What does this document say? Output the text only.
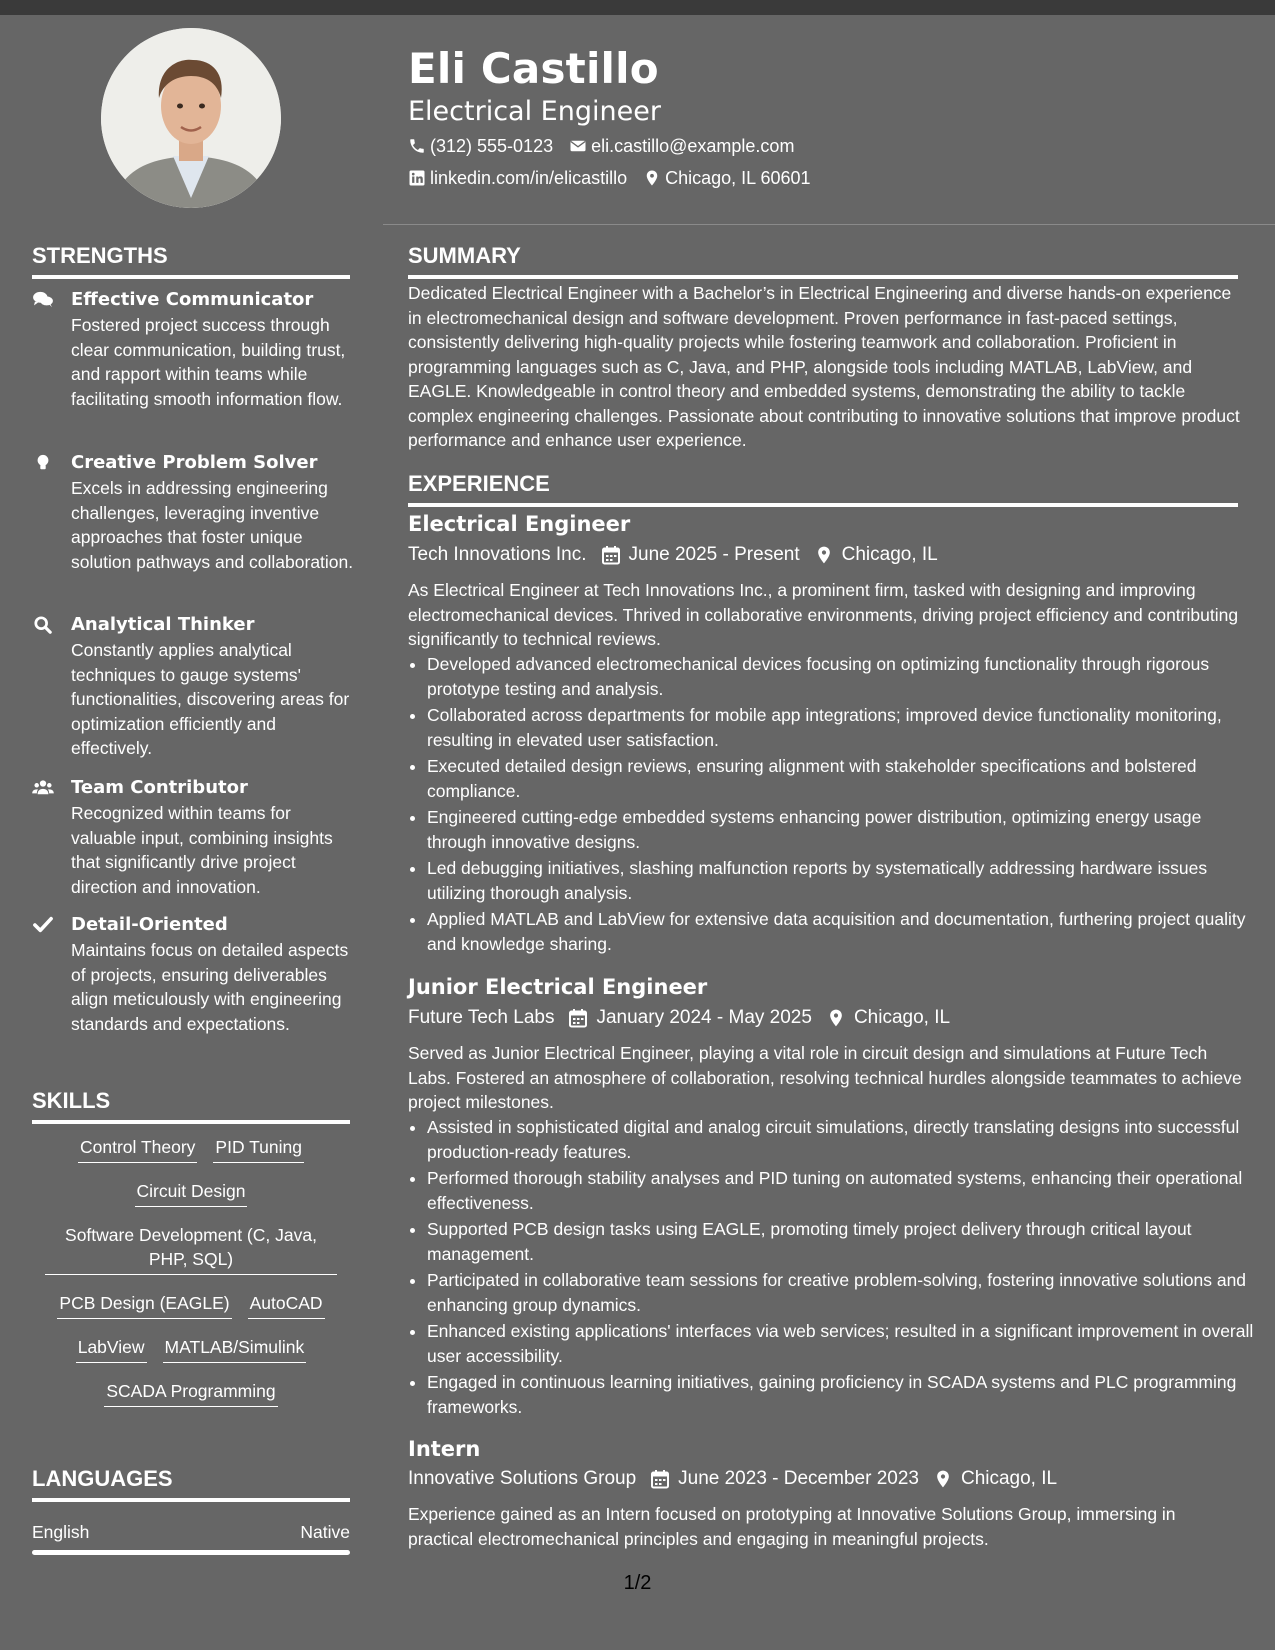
Eli Castillo
Electrical Engineer
(312) 555-0123 eli.castillo@example.com
linkedin.com/in/elicastillo Chicago, IL 60601
STRENGTHS
Effective Communicator
Fostered project success through clear communication, building trust, and rapport within teams while facilitating smooth information flow.
Creative Problem Solver
Excels in addressing engineering challenges, leveraging inventive approaches that foster unique solution pathways and collaboration.
Analytical Thinker
Constantly applies analytical techniques to gauge systems' functionalities, discovering areas for optimization efficiently and effectively.
Team Contributor
Recognized within teams for valuable input, combining insights that significantly drive project direction and innovation.
Detail-Oriented
Maintains focus on detailed aspects of projects, ensuring deliverables align meticulously with engineering standards and expectations.
SKILLS
Control Theory PID Tuning
Circuit Design
Software Development (C, Java, PHP, SQL)
PCB Design (EAGLE) AutoCAD
LabView MATLAB/Simulink
SCADA Programming
LANGUAGES
English	Native
SUMMARY

Dedicated Electrical Engineer with a Bachelor’s in Electrical Engineering and diverse hands-on experience in electromechanical design and software development. Proven performance in fast-paced settings, consistently delivering high-quality projects while fostering teamwork and collaboration. Proficient in programming languages such as C, Java, and PHP, alongside tools including MATLAB, LabView, and EAGLE. Knowledgeable in control theory and embedded systems, demonstrating the ability to tackle complex engineering challenges. Passionate about contributing to innovative solutions that improve product performance and enhance user experience.

EXPERIENCE
Electrical Engineer
Tech Innovations Inc. June 2025 - Present Chicago, IL

As Electrical Engineer at Tech Innovations Inc., a prominent firm, tasked with designing and improving electromechanical devices. Thrived in collaborative environments, driving project efficiency and contributing significantly to technical reviews.

• Developed advanced electromechanical devices focusing on optimizing functionality through rigorous prototype testing and analysis.
• Collaborated across departments for mobile app integrations; improved device functionality monitoring, resulting in elevated user satisfaction.
• Executed detailed design reviews, ensuring alignment with stakeholder specifications and bolstered compliance.
• Engineered cutting-edge embedded systems enhancing power distribution, optimizing energy usage through innovative designs.
• Led debugging initiatives, slashing malfunction reports by systematically addressing hardware issues utilizing thorough analysis.
• Applied MATLAB and LabView for extensive data acquisition and documentation, furthering project quality and knowledge sharing.
Junior Electrical Engineer
Future Tech Labs January 2024 - May 2025 Chicago, IL

Served as Junior Electrical Engineer, playing a vital role in circuit design and simulations at Future Tech Labs. Fostered an atmosphere of collaboration, resolving technical hurdles alongside teammates to achieve project milestones.

• Assisted in sophisticated digital and analog circuit simulations, directly translating designs into successful production-ready features.
• Performed thorough stability analyses and PID tuning on automated systems, enhancing their operational effectiveness.
• Supported PCB design tasks using EAGLE, promoting timely project delivery through critical layout management.
• Participated in collaborative team sessions for creative problem-solving, fostering innovative solutions and enhancing group dynamics.
• Enhanced existing applications' interfaces via web services; resulted in a significant improvement in overall user accessibility.
• Engaged in continuous learning initiatives, gaining proficiency in SCADA systems and PLC programming frameworks.
Intern
Innovative Solutions Group June 2023 - December 2023 Chicago, IL

Experience gained as an Intern focused on prototyping at Innovative Solutions Group, immersing in practical electromechanical principles and engaging in meaningful projects.

1/2
